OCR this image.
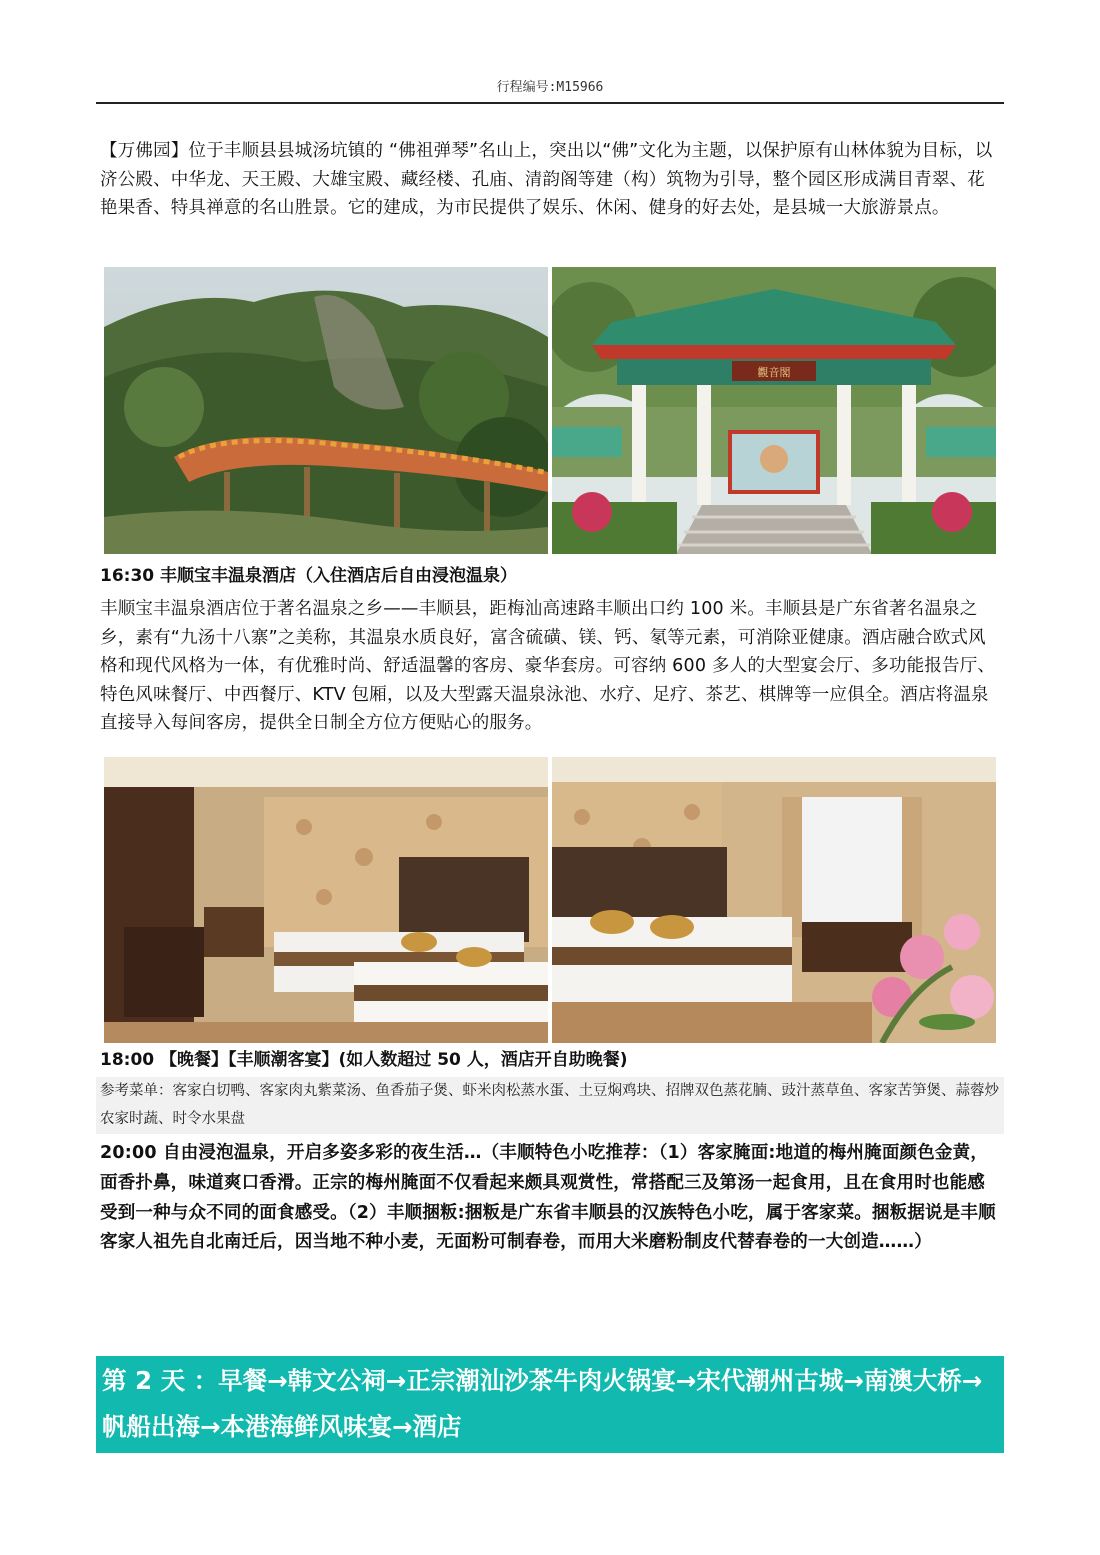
行程编号:M15966

【万佛园】位于丰顺县县城汤坑镇的 “佛祖弹琴”名山上，突出以“佛”文化为主题，以保护原有山林体貌为目标，以济公殿、中华龙、天王殿、大雄宝殿、藏经楼、孔庙、清韵阁等建（构）筑物为引导，整个园区形成满目青翠、花艳果香、特具禅意的名山胜景。它的建成，为市民提供了娱乐、休闲、健身的好去处，是县城一大旅游景点。

觀音閣
16:30 丰顺宝丰温泉酒店（入住酒店后自由浸泡温泉）

丰顺宝丰温泉酒店位于著名温泉之乡——丰顺县，距梅汕高速路丰顺出口约 100 米。丰顺县是广东省著名温泉之乡，素有“九汤十八寨”之美称，其温泉水质良好，富含硫磺、镁、钙、氡等元素，可消除亚健康。酒店融合欧式风格和现代风格为一体，有优雅时尚、舒适温馨的客房、豪华套房。可容纳 600 多人的大型宴会厅、多功能报告厅、特色风味餐厅、中西餐厅、KTV 包厢，以及大型露天温泉泳池、水疗、足疗、茶艺、棋牌等一应俱全。酒店将温泉直接导入每间客房，提供全日制全方位方便贴心的服务。

18:00 【晚餐】【丰顺潮客宴】(如人数超过 50 人，酒店开自助晚餐)
参考菜单：客家白切鸭、客家肉丸紫菜汤、鱼香茄子煲、虾米肉松蒸水蛋、土豆焖鸡块、招牌双色蒸花腩、豉汁蒸草鱼、客家苦笋煲、蒜蓉炒农家时蔬、时令水果盘

20:00 自由浸泡温泉，开启多姿多彩的夜生活…（丰顺特色小吃推荐：（1）客家腌面:地道的梅州腌面颜色金黄，面香扑鼻，味道爽口香滑。正宗的梅州腌面不仅看起来颇具观赏性，常搭配三及第汤一起食用，且在食用时也能感受到一种与众不同的面食感受。（2）丰顺捆粄:捆粄是广东省丰顺县的汉族特色小吃，属于客家菜。捆粄据说是丰顺客家人祖先自北南迁后，因当地不种小麦，无面粉可制春卷，而用大米磨粉制皮代替春卷的一大创造……）

第 2 天 ：早餐→韩文公祠→正宗潮汕沙茶牛肉火锅宴→宋代潮州古城→南澳大桥→帆船出海→本港海鲜风味宴→酒店
